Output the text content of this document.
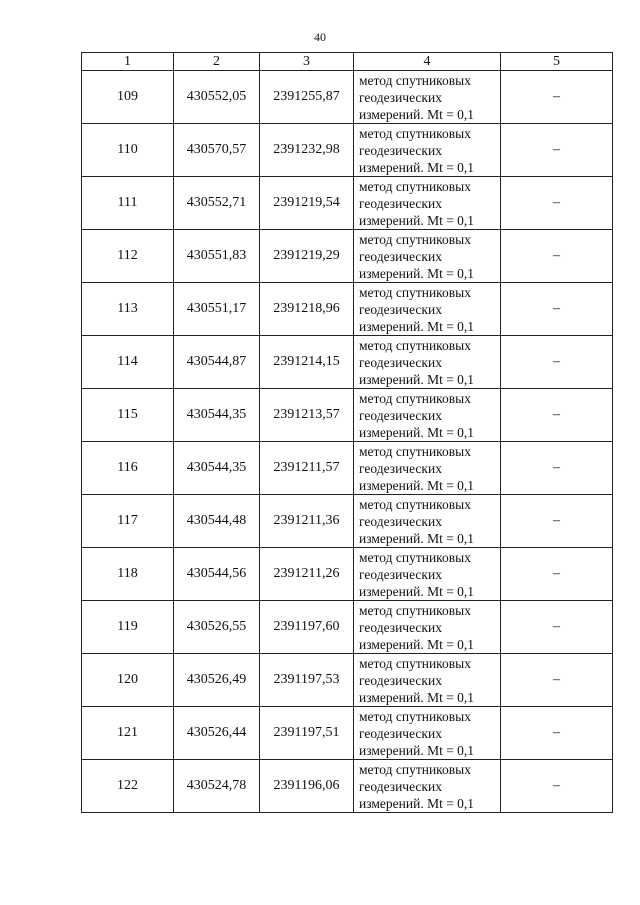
40
1	2	3	4	5
109	430552,05	2391255,87	метод спутниковых
геодезических
измерений. Mt = 0,1	–
110	430570,57	2391232,98	метод спутниковых
геодезических
измерений. Mt = 0,1	–
111	430552,71	2391219,54	метод спутниковых
геодезических
измерений. Mt = 0,1	–
112	430551,83	2391219,29	метод спутниковых
геодезических
измерений. Mt = 0,1	–
113	430551,17	2391218,96	метод спутниковых
геодезических
измерений. Mt = 0,1	–
114	430544,87	2391214,15	метод спутниковых
геодезических
измерений. Mt = 0,1	–
115	430544,35	2391213,57	метод спутниковых
геодезических
измерений. Mt = 0,1	–
116	430544,35	2391211,57	метод спутниковых
геодезических
измерений. Mt = 0,1	–
117	430544,48	2391211,36	метод спутниковых
геодезических
измерений. Mt = 0,1	–
118	430544,56	2391211,26	метод спутниковых
геодезических
измерений. Mt = 0,1	–
119	430526,55	2391197,60	метод спутниковых
геодезических
измерений. Mt = 0,1	–
120	430526,49	2391197,53	метод спутниковых
геодезических
измерений. Mt = 0,1	–
121	430526,44	2391197,51	метод спутниковых
геодезических
измерений. Mt = 0,1	–
122	430524,78	2391196,06	метод спутниковых
геодезических
измерений. Mt = 0,1	–
